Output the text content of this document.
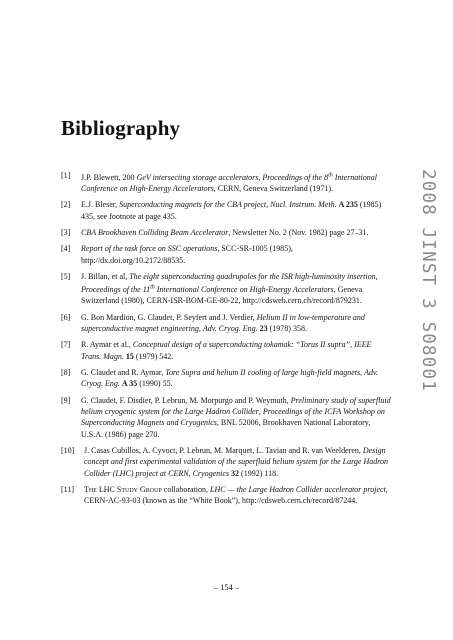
Bibliography
[1] J.P. Blewett, 200 GeV intersecting storage accelerators, Proceedings of the 8th International Conference on High-Energy Accelerators, CERN, Geneva Switzerland (1971).
[2] E.J. Bleser, Superconducting magnets for the CBA project, Nucl. Instrum. Meth. A 235 (1985) 435, see footnote at page 435.
[3] CBA Brookhaven Colliding Beam Accelerator, Newsletter No. 2 (Nov. 1982) page 27–31.
[4] Report of the task force on SSC operations, SCC-SR-1005 (1985), http://dx.doi.org/10.2172/88535.
[5] J. Billan, et al, The eight superconducting quadrupoles for the ISR high-luminosity insertion, Proceedings of the 11th International Conference on High-Energy Accelerators, Geneva Switzerland (1980), CERN-ISR-BOM-GE-80-22, http://cdsweb.cern.ch/record/879231.
[6] G. Bon Mardion, G. Claudet, P. Seyfert and J. Verdier, Helium II in low-temperature and superconductive magnet engineering, Adv. Cryog. Eng. 23 (1978) 358.
[7] R. Aymar et al., Conceptual design of a superconducting tokamak: “Torus II supra”, IEEE Trans. Magn. 15 (1979) 542.
[8] G. Claudet and R. Aymar, Tore Supra and helium II cooling of large high-field magnets, Adv. Cryog. Eng. A 35 (1990) 55.
[9] G. Claudet, F. Disdier, P. Lebrun, M. Morpurgo and P. Weymuth, Preliminary study of superfluid helium cryogenic system for the Large Hadron Collider, Proceedings of the ICFA Workshop on Superconducting Magnets and Cryogenics, BNL 52006, Brookhaven National Laboratory, U.S.A. (1986) page 270.
[10] J. Casas Cubillos, A. Cyvoct, P. Lebrun, M. Marquet, L. Tavian and R. van Weelderen, Design concept and first experimental validation of the superfluid helium system for the Large Hadron Collider (LHC) project at CERN, Cryogenics 32 (1992) 118.
[11] The LHC Study Group collaboration, LHC — the Large Hadron Collider accelerator project, CERN-AC-93-03 (known as the “White Book”), http://cdsweb.cern.ch/record/87244.
2008 JINST 3 S08001
– 154 –
